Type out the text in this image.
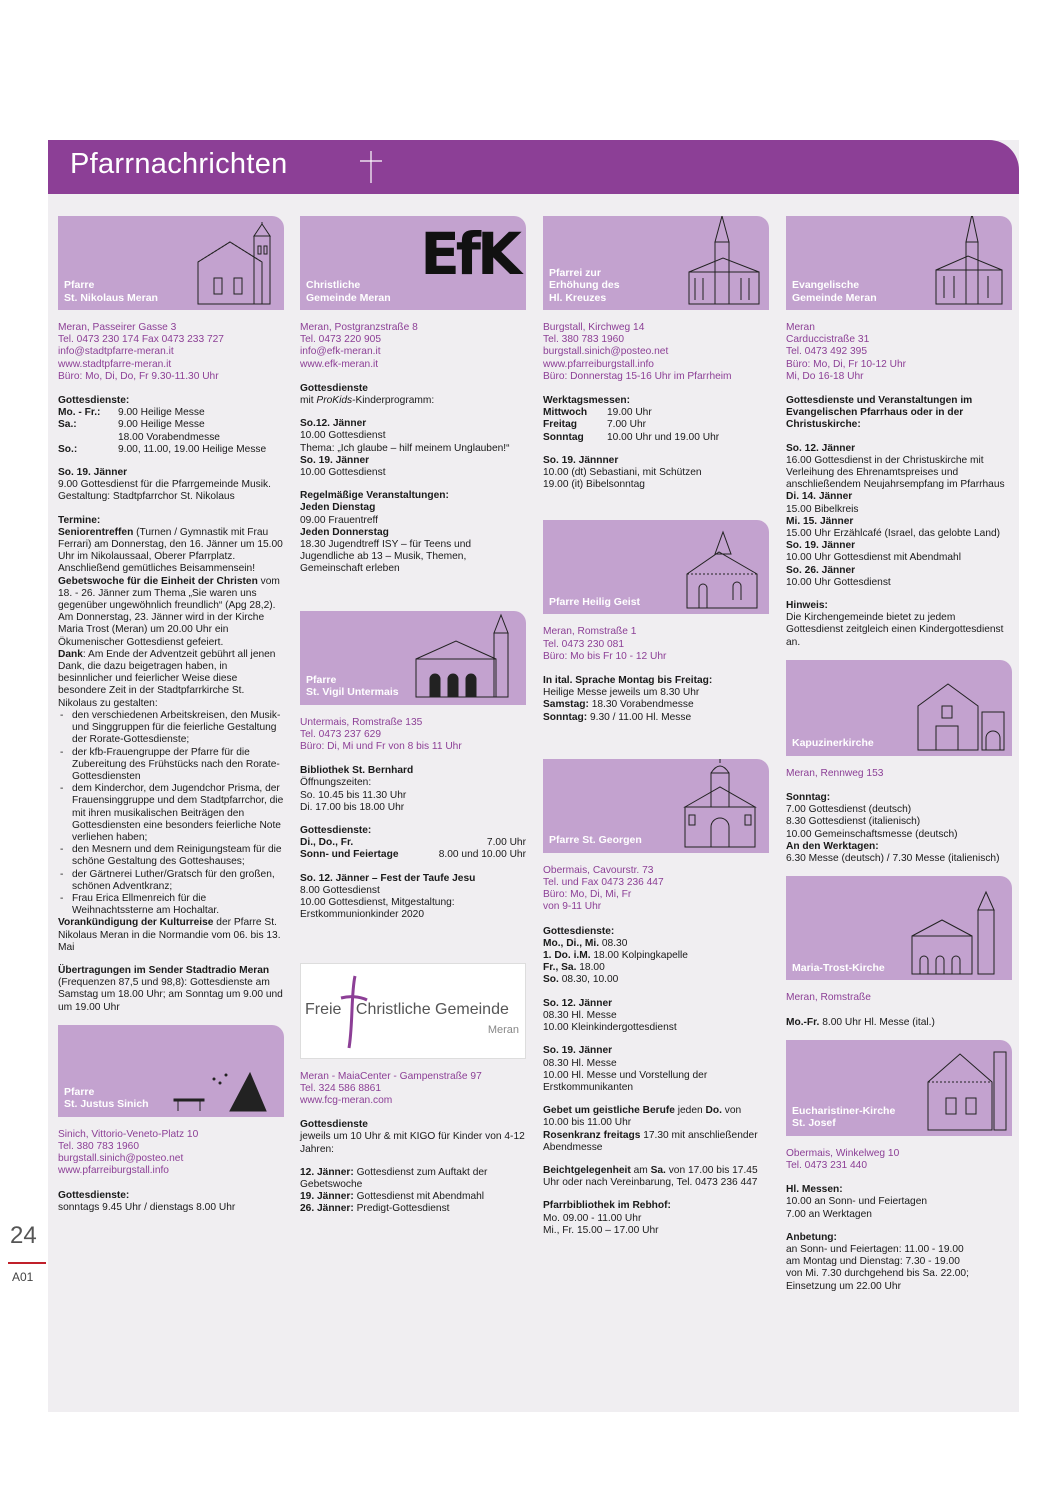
Pfarrnachrichten
24
A01
Pfarre
St. Nikolaus Meran
Meran, Passeirer Gasse 3
Tel. 0473 230 174 Fax 0473 233 727
info@stadtpfarre-meran.it
www.stadtpfarre-meran.it
Büro: Mo, Di, Do, Fr 9.30-11.30 Uhr

Gottesdienste:

Mo. - Fr.:	9.00 Heilige Messe
Sa.:	9.00 Heilige Messe
18.00 Vorabendmesse
So.:	9.00, 11.00, 19.00 Heilige Messe

So. 19. Jänner

9.00 Gottesdienst für die Pfarrgemeinde Musik. Gestaltung: Stadtpfarrchor St. Nikolaus

Termine:

Seniorentreffen (Turnen / Gymnastik mit Frau Ferrari) am Donnerstag, den 16. Jänner um 15.00 Uhr im Nikolaussaal, Oberer Pfarrplatz. Anschließend gemütliches Beisammensein!

Gebetswoche für die Einheit der Christen vom 18. - 26. Jänner zum Thema „Sie waren uns gegenüber ungewöhnlich freundlich“ (Apg 28,2). Am Donnerstag, 23. Jänner wird in der Kirche Maria Trost (Meran) um 20.00 Uhr ein Ökumenischer Gottesdienst gefeiert.

Dank: Am Ende der Adventzeit gebührt all jenen Dank, die dazu beigetragen haben, in besinnlicher und feierlicher Weise diese besondere Zeit in der Stadtpfarrkirche St. Nikolaus zu gestalten:

- den verschiedenen Arbeitskreisen, den Musik- und Singgruppen für die feierliche Gestaltung der Rorate-Gottesdienste;
- der kfb-Frauengruppe der Pfarre für die Zubereitung des Frühstücks nach den Rorate-Gottesdiensten
- dem Kinderchor, dem Jugendchor Prisma, der Frauensinggruppe und dem Stadtpfarrchor, die mit ihren musikalischen Beiträgen den Gottesdiensten eine besonders feierliche Note verliehen haben;
- den Mesnern und dem Reinigungsteam für die schöne Gestaltung des Gotteshauses;
- der Gärtnerei Luther/Gratsch für den großen, schönen Adventkranz;
- Frau Erica Ellmenreich für die Weihnachtssterne am Hochaltar.

Vorankündigung der Kulturreise der Pfarre St. Nikolaus Meran in die Normandie vom 06. bis 13. Mai

Übertragungen im Sender Stadtradio Meran (Frequenzen 87,5 und 98,8): Gottesdienste am Samstag um 18.00 Uhr; am Sonntag um 9.00 und um 19.00 Uhr

Pfarre
St. Justus Sinich
Sinich, Vittorio-Veneto-Platz 10
Tel. 380 783 1960
burgstall.sinich@posteo.net
www.pfarreiburgstall.info

Gottesdienste:

sonntags 9.45 Uhr / dienstags 8.00 Uhr

EfK
Christliche
Gemeinde Meran
Meran, Postgranzstraße 8
Tel. 0473 220 905
info@efk-meran.it
www.efk-meran.it

Gottesdienste

mit ProKids-Kinderprogramm:

So.12. Jänner

10.00 Gottesdienst

Thema: „Ich glaube – hilf meinem Unglauben!“

So. 19. Jänner

10.00 Gottesdienst

Regelmäßige Veranstaltungen:

Jeden Dienstag

09.00 Frauentreff

Jeden Donnerstag

18.30 Jugendtreff ISY – für Teens und Jugendliche ab 13 – Musik, Themen, Gemeinschaft erleben

Pfarre
St. Vigil Untermais
Untermais, Romstraße 135
Tel. 0473 237 629
Büro: Di, Mi und Fr von 8 bis 11 Uhr

Bibliothek St. Bernhard

Öffnungszeiten:

So. 10.45 bis 11.30 Uhr

Di. 17.00 bis 18.00 Uhr

Gottesdienste:

Di., Do., Fr.	7.00 Uhr
Sonn- und Feiertage	8.00 und 10.00 Uhr

So. 12. Jänner – Fest der Taufe Jesu

8.00 Gottesdienst

10.00 Gottesdienst, Mitgestaltung: Erstkommunionkinder 2020

Freie Christliche Gemeinde
Meran
Meran - MaiaCenter - Gampenstraße 97
Tel. 324 586 8861
www.fcg-meran.com

Gottesdienste

jeweils um 10 Uhr & mit KIGO für Kinder von 4-12 Jahren:

12. Jänner: Gottesdienst zum Auftakt der Gebetswoche

19. Jänner: Gottesdienst mit Abendmahl

26. Jänner: Predigt-Gottesdienst

Pfarrei zur
Erhöhung des
Hl. Kreuzes
Burgstall, Kirchweg 14
Tel. 380 783 1960
burgstall.sinich@posteo.net
www.pfarreiburgstall.info
Büro: Donnerstag 15-16 Uhr im Pfarrheim

Werktagsmessen:

Mittwoch	19.00 Uhr
Freitag	7.00 Uhr
Sonntag	10.00 Uhr und 19.00 Uhr

So. 19. Jännner

10.00 (dt) Sebastiani, mit Schützen

19.00 (it) Bibelsonntag

Pfarre Heilig Geist
Meran, Romstraße 1
Tel. 0473 230 081
Büro: Mo bis Fr 10 - 12 Uhr

In ital. Sprache Montag bis Freitag:

Heilige Messe jeweils um 8.30 Uhr

Samstag: 18.30 Vorabendmesse

Sonntag: 9.30 / 11.00 Hl. Messe

Pfarre St. Georgen
Obermais, Cavourstr. 73
Tel. und Fax 0473 236 447
Büro: Mo, Di, Mi, Fr
von 9-11 Uhr

Gottesdienste:

Mo., Di., Mi. 08.30

1. Do. i.M. 18.00 Kolpingkapelle

Fr., Sa. 18.00

So. 08.30, 10.00

So. 12. Jänner

08.30 Hl. Messe

10.00 Kleinkindergottesdienst

So. 19. Jänner

08.30 Hl. Messe

10.00 Hl. Messe und Vorstellung der Erstkommunikanten

Gebet um geistliche Berufe jeden Do. von 10.00 bis 11.00 Uhr

Rosenkranz freitags 17.30 mit anschließender Abendmesse

Beichtgelegenheit am Sa. von 17.00 bis 17.45 Uhr oder nach Vereinbarung, Tel. 0473 236 447

Pfarrbibliothek im Rebhof:

Mo. 09.00 - 11.00 Uhr

Mi., Fr. 15.00 – 17.00 Uhr

Evangelische
Gemeinde Meran
Meran
Carduccistraße 31
Tel. 0473 492 395
Büro: Mo, Di, Fr 10-12 Uhr
Mi, Do 16-18 Uhr

Gottesdienste und Veranstaltungen im Evangelischen Pfarrhaus oder in der Christuskirche:

So. 12. Jänner

16.00 Gottesdienst in der Christuskirche mit Verleihung des Ehrenamtspreises und anschließendem Neujahrsempfang im Pfarrhaus

Di. 14. Jänner

15.00 Bibelkreis

Mi. 15. Jänner

15.00 Uhr Erzählcafé (Israel, das gelobte Land)

So. 19. Jänner

10.00 Uhr Gottesdienst mit Abendmahl

So. 26. Jänner

10.00 Uhr Gottesdienst

Hinweis:

Die Kirchengemeinde bietet zu jedem Gottesdienst zeitgleich einen Kindergottesdienst an.

Kapuzinerkirche
Meran, Rennweg 153

Sonntag:

7.00 Gottesdienst (deutsch)

8.30 Gottesdienst (italienisch)

10.00 Gemeinschaftsmesse (deutsch)

An den Werktagen:

6.30 Messe (deutsch) / 7.30 Messe (italienisch)

Maria-Trost-Kirche
Meran, Romstraße

Mo.-Fr. 8.00 Uhr Hl. Messe (ital.)

Eucharistiner-Kirche
St. Josef
Obermais, Winkelweg 10
Tel. 0473 231 440

Hl. Messen:

10.00 an Sonn- und Feiertagen

7.00 an Werktagen

Anbetung:

an Sonn- und Feiertagen: 11.00 - 19.00

am Montag und Dienstag: 7.30 - 19.00

von Mi. 7.30 durchgehend bis Sa. 22.00;

Einsetzung um 22.00 Uhr
